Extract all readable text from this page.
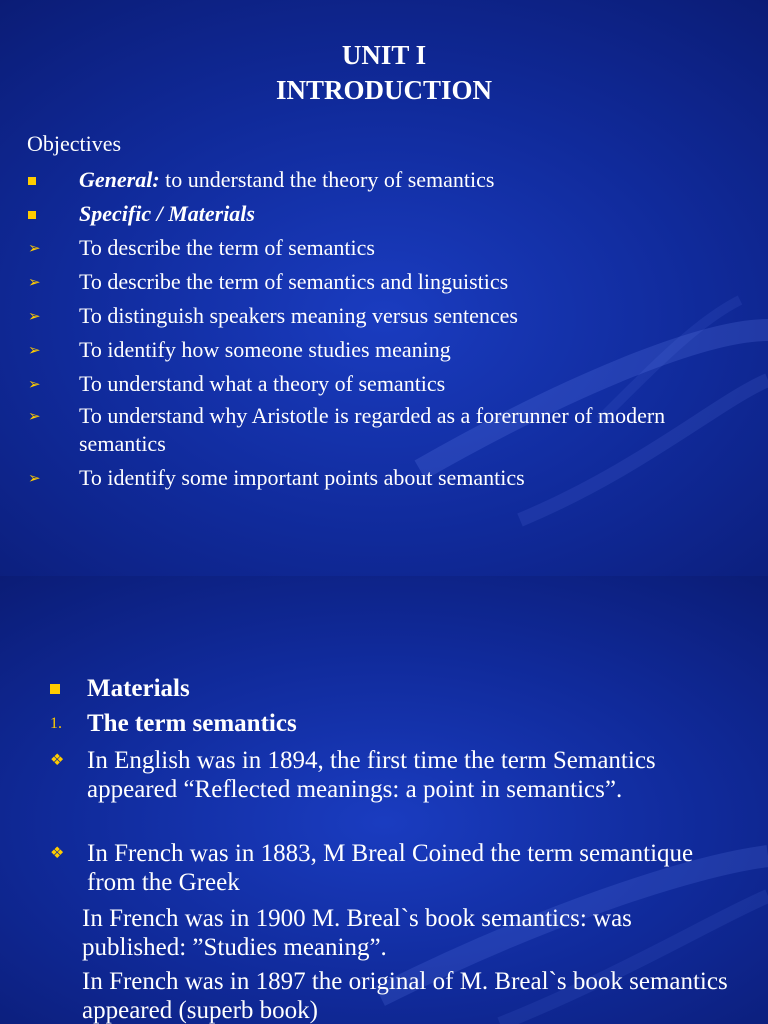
UNIT I
INTRODUCTION
Objectives
General: to understand the theory of semantics
Specific / Materials
➢ To describe the term of semantics
➢ To describe the term of semantics and linguistics
➢ To distinguish speakers meaning versus sentences
➢ To identify how someone studies meaning
➢ To understand what a theory of semantics
➢ To understand why Aristotle is regarded as a forerunner of modern semantics
➢ To identify some important points about semantics
Materials
1. The term semantics
❖ In English was in 1894, the first time the term Semantics appeared “Reflected meanings: a point in semantics”.
❖ In French was in 1883, M Breal Coined the term semantique from the Greek
In French was in 1900 M. Breal`s book semantics: was published: ”Studies meaning”.
In French was in 1897 the original of M. Breal`s book semantics appeared (superb book)
